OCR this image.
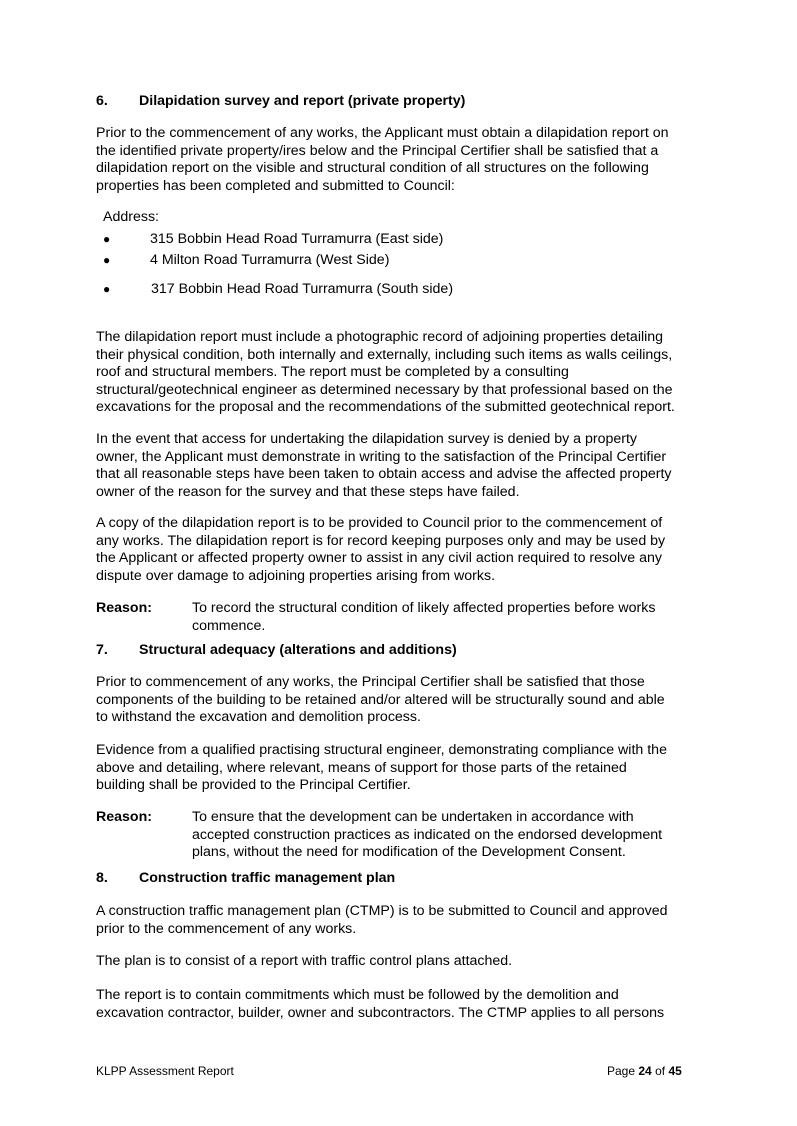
6. Dilapidation survey and report (private property)
Prior to the commencement of any works, the Applicant must obtain a dilapidation report on
the identified private property/ires below and the Principal Certifier shall be satisfied that a
dilapidation report on the visible and structural condition of all structures on the following
properties has been completed and submitted to Council:
Address:
●	315 Bobbin Head Road Turramurra (East side)
●	4 Milton Road Turramurra (West Side)
●	317 Bobbin Head Road Turramurra (South side)
The dilapidation report must include a photographic record of adjoining properties detailing
their physical condition, both internally and externally, including such items as walls ceilings,
roof and structural members. The report must be completed by a consulting
structural/geotechnical engineer as determined necessary by that professional based on the
excavations for the proposal and the recommendations of the submitted geotechnical report.
In the event that access for undertaking the dilapidation survey is denied by a property
owner, the Applicant must demonstrate in writing to the satisfaction of the Principal Certifier
that all reasonable steps have been taken to obtain access and advise the affected property
owner of the reason for the survey and that these steps have failed.
A copy of the dilapidation report is to be provided to Council prior to the commencement of
any works. The dilapidation report is for record keeping purposes only and may be used by
the Applicant or affected property owner to assist in any civil action required to resolve any
dispute over damage to adjoining properties arising from works.
Reason:	To record the structural condition of likely affected properties before works
commence.
7. Structural adequacy (alterations and additions)
Prior to commencement of any works, the Principal Certifier shall be satisfied that those
components of the building to be retained and/or altered will be structurally sound and able
to withstand the excavation and demolition process.
Evidence from a qualified practising structural engineer, demonstrating compliance with the
above and detailing, where relevant, means of support for those parts of the retained
building shall be provided to the Principal Certifier.
Reason:	To ensure that the development can be undertaken in accordance with
accepted construction practices as indicated on the endorsed development
plans, without the need for modification of the Development Consent.
8. Construction traffic management plan
A construction traffic management plan (CTMP) is to be submitted to Council and approved
prior to the commencement of any works.
The plan is to consist of a report with traffic control plans attached.
The report is to contain commitments which must be followed by the demolition and
excavation contractor, builder, owner and subcontractors. The CTMP applies to all persons
KLPP Assessment Report	Page 24 of 45
